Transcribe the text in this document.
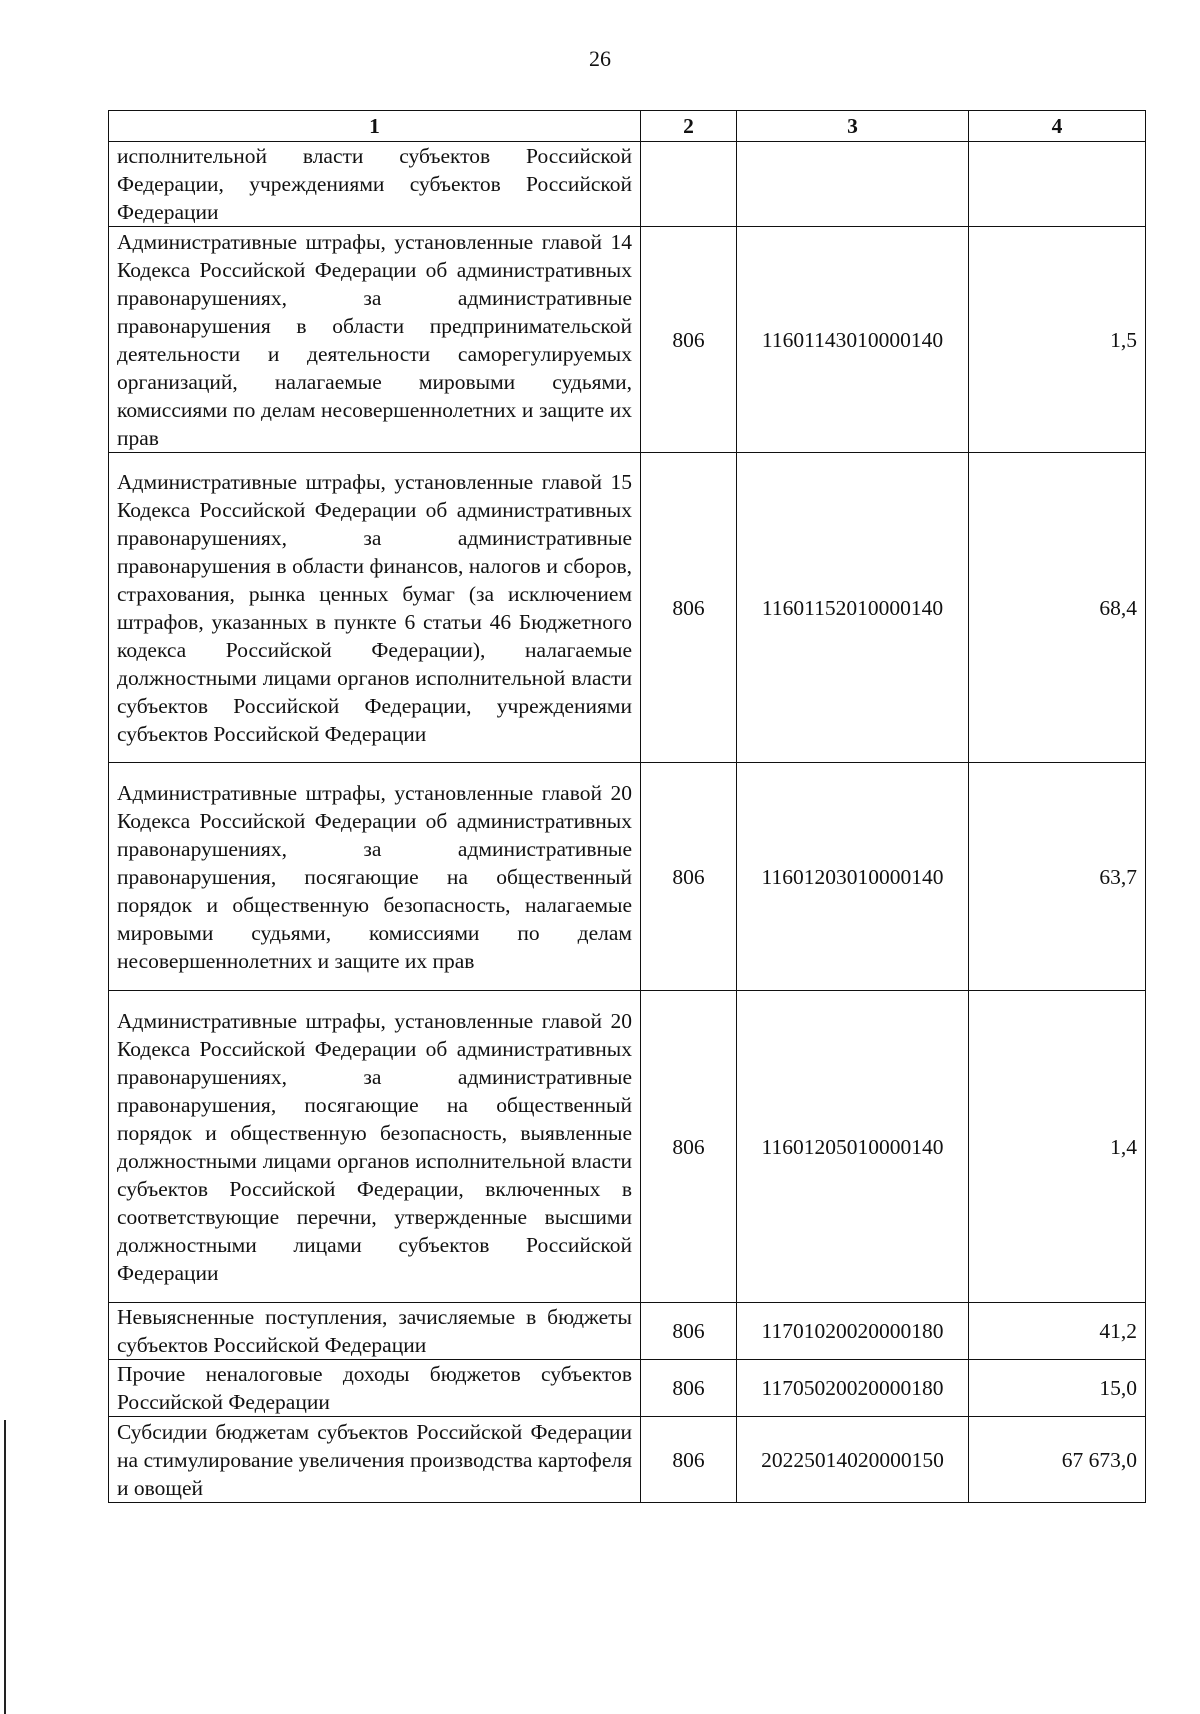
26
1	2	3	4
исполнительной власти субъектов Российской Федерации, учреждениями субъектов Российской Федерации			
Административные штрафы, установленные главой 14 Кодекса Российской Федерации об административных правонарушениях, за административные правонарушения в области предпринимательской деятельности и деятельности саморегулируемых организаций, налагаемые мировыми судьями, комиссиями по делам несовершеннолетних и защите их прав	806	11601143010000140	1,5
Административные штрафы, установленные главой 15 Кодекса Российской Федерации об административных правонарушениях, за административные правонарушения в области финансов, налогов и сборов, страхования, рынка ценных бумаг (за исключением штрафов, указанных в пункте 6 статьи 46 Бюджетного кодекса Российской Федерации), налагаемые должностными лицами органов исполнительной власти субъектов Российской Федерации, учреждениями субъектов Российской Федерации	806	11601152010000140	68,4
Административные штрафы, установленные главой 20 Кодекса Российской Федерации об административных правонарушениях, за административные правонарушения, посягающие на общественный порядок и общественную безопасность, налагаемые мировыми судьями, комиссиями по делам несовершеннолетних и защите их прав	806	11601203010000140	63,7
Административные штрафы, установленные главой 20 Кодекса Российской Федерации об административных правонарушениях, за административные правонарушения, посягающие на общественный порядок и общественную безопасность, выявленные должностными лицами органов исполнительной власти субъектов Российской Федерации, включенных в соответствующие перечни, утвержденные высшими должностными лицами субъектов Российской Федерации	806	11601205010000140	1,4
Невыясненные поступления, зачисляемые в бюджеты субъектов Российской Федерации	806	11701020020000180	41,2
Прочие неналоговые доходы бюджетов субъектов Российской Федерации	806	11705020020000180	15,0
Субсидии бюджетам субъектов Российской Федерации на стимулирование увеличения производства картофеля и овощей	806	20225014020000150	67 673,0
